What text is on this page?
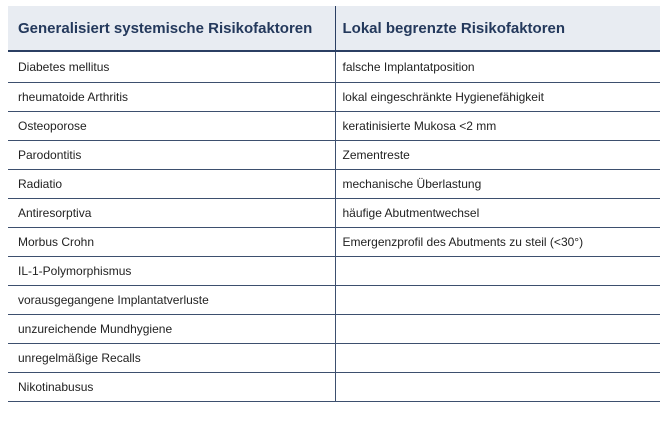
Generalisiert systemische Risikofaktoren	Lokal begrenzte Risikofaktoren
Diabetes mellitus	falsche Implantatposition
rheumatoide Arthritis	lokal eingeschränkte Hygienefähigkeit
Osteoporose	keratinisierte Mukosa <2 mm
Parodontitis	Zementreste
Radiatio	mechanische Überlastung
Antiresorptiva	häufige Abutmentwechsel
Morbus Crohn	Emergenzprofil des Abutments zu steil (<30°)
IL-1-Polymorphismus	
vorausgegangene Implantatverluste	
unzureichende Mundhygiene	
unregelmäßige Recalls	
Nikotinabusus	
